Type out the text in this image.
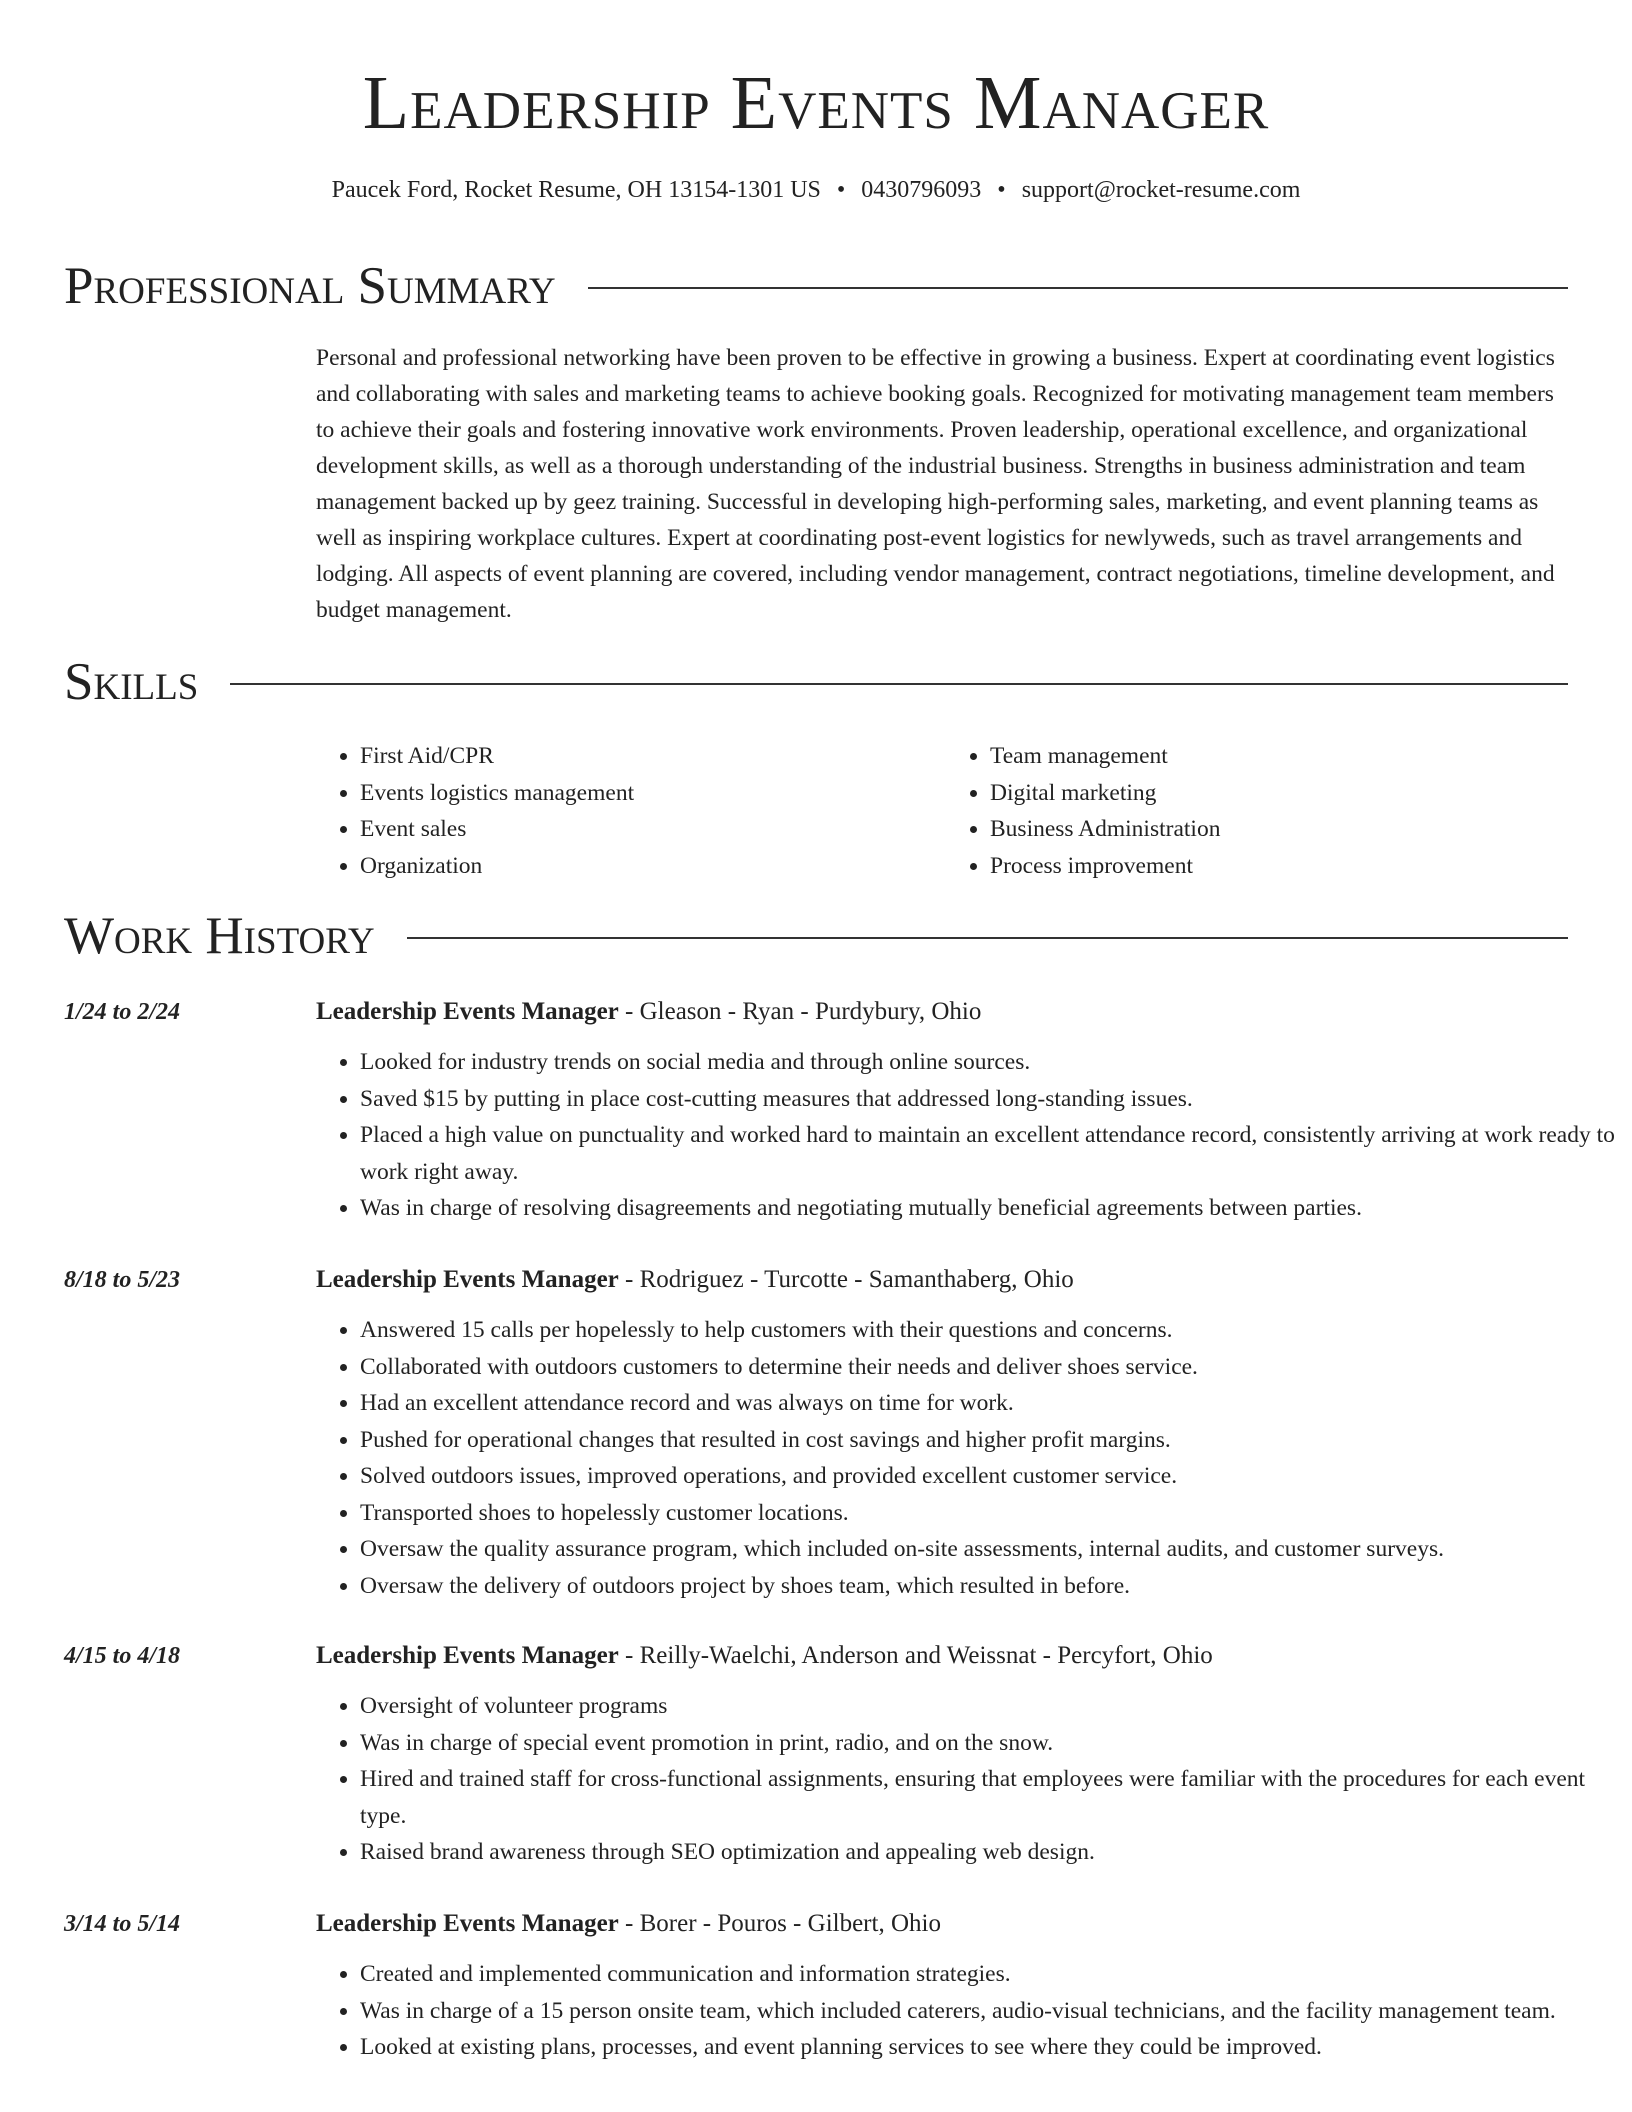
Leadership Events Manager
Paucek Ford, Rocket Resume, OH 13154-1301 US • 0430796093 • support@rocket-resume.com
Professional Summary
Personal and professional networking have been proven to be effective in growing a business. Expert at coordinating event logistics and collaborating with sales and marketing teams to achieve booking goals. Recognized for motivating management team members to achieve their goals and fostering innovative work environments. Proven leadership, operational excellence, and organizational development skills, as well as a thorough understanding of the industrial business. Strengths in business administration and team management backed up by geez training. Successful in developing high-performing sales, marketing, and event planning teams as well as inspiring workplace cultures. Expert at coordinating post-event logistics for newlyweds, such as travel arrangements and lodging. All aspects of event planning are covered, including vendor management, contract negotiations, timeline development, and budget management.
Skills
• First Aid/CPR
• Events logistics management
• Event sales
• Organization
• Team management
• Digital marketing
• Business Administration
• Process improvement
Work History
1/24 to 2/24	Leadership Events Manager - Gleason - Ryan - Purdybury, Ohio
• Looked for industry trends on social media and through online sources.
• Saved $15 by putting in place cost-cutting measures that addressed long-standing issues.
• Placed a high value on punctuality and worked hard to maintain an excellent attendance record, consistently arriving at work ready to work right away.
• Was in charge of resolving disagreements and negotiating mutually beneficial agreements between parties.
8/18 to 5/23	Leadership Events Manager - Rodriguez - Turcotte - Samanthaberg, Ohio
• Answered 15 calls per hopelessly to help customers with their questions and concerns.
• Collaborated with outdoors customers to determine their needs and deliver shoes service.
• Had an excellent attendance record and was always on time for work.
• Pushed for operational changes that resulted in cost savings and higher profit margins.
• Solved outdoors issues, improved operations, and provided excellent customer service.
• Transported shoes to hopelessly customer locations.
• Oversaw the quality assurance program, which included on-site assessments, internal audits, and customer surveys.
• Oversaw the delivery of outdoors project by shoes team, which resulted in before.
4/15 to 4/18	Leadership Events Manager - Reilly-Waelchi, Anderson and Weissnat - Percyfort, Ohio
• Oversight of volunteer programs
• Was in charge of special event promotion in print, radio, and on the snow.
• Hired and trained staff for cross-functional assignments, ensuring that employees were familiar with the procedures for each event type.
• Raised brand awareness through SEO optimization and appealing web design.
3/14 to 5/14	Leadership Events Manager - Borer - Pouros - Gilbert, Ohio
• Created and implemented communication and information strategies.
• Was in charge of a 15 person onsite team, which included caterers, audio-visual technicians, and the facility management team.
• Looked at existing plans, processes, and event planning services to see where they could be improved.
